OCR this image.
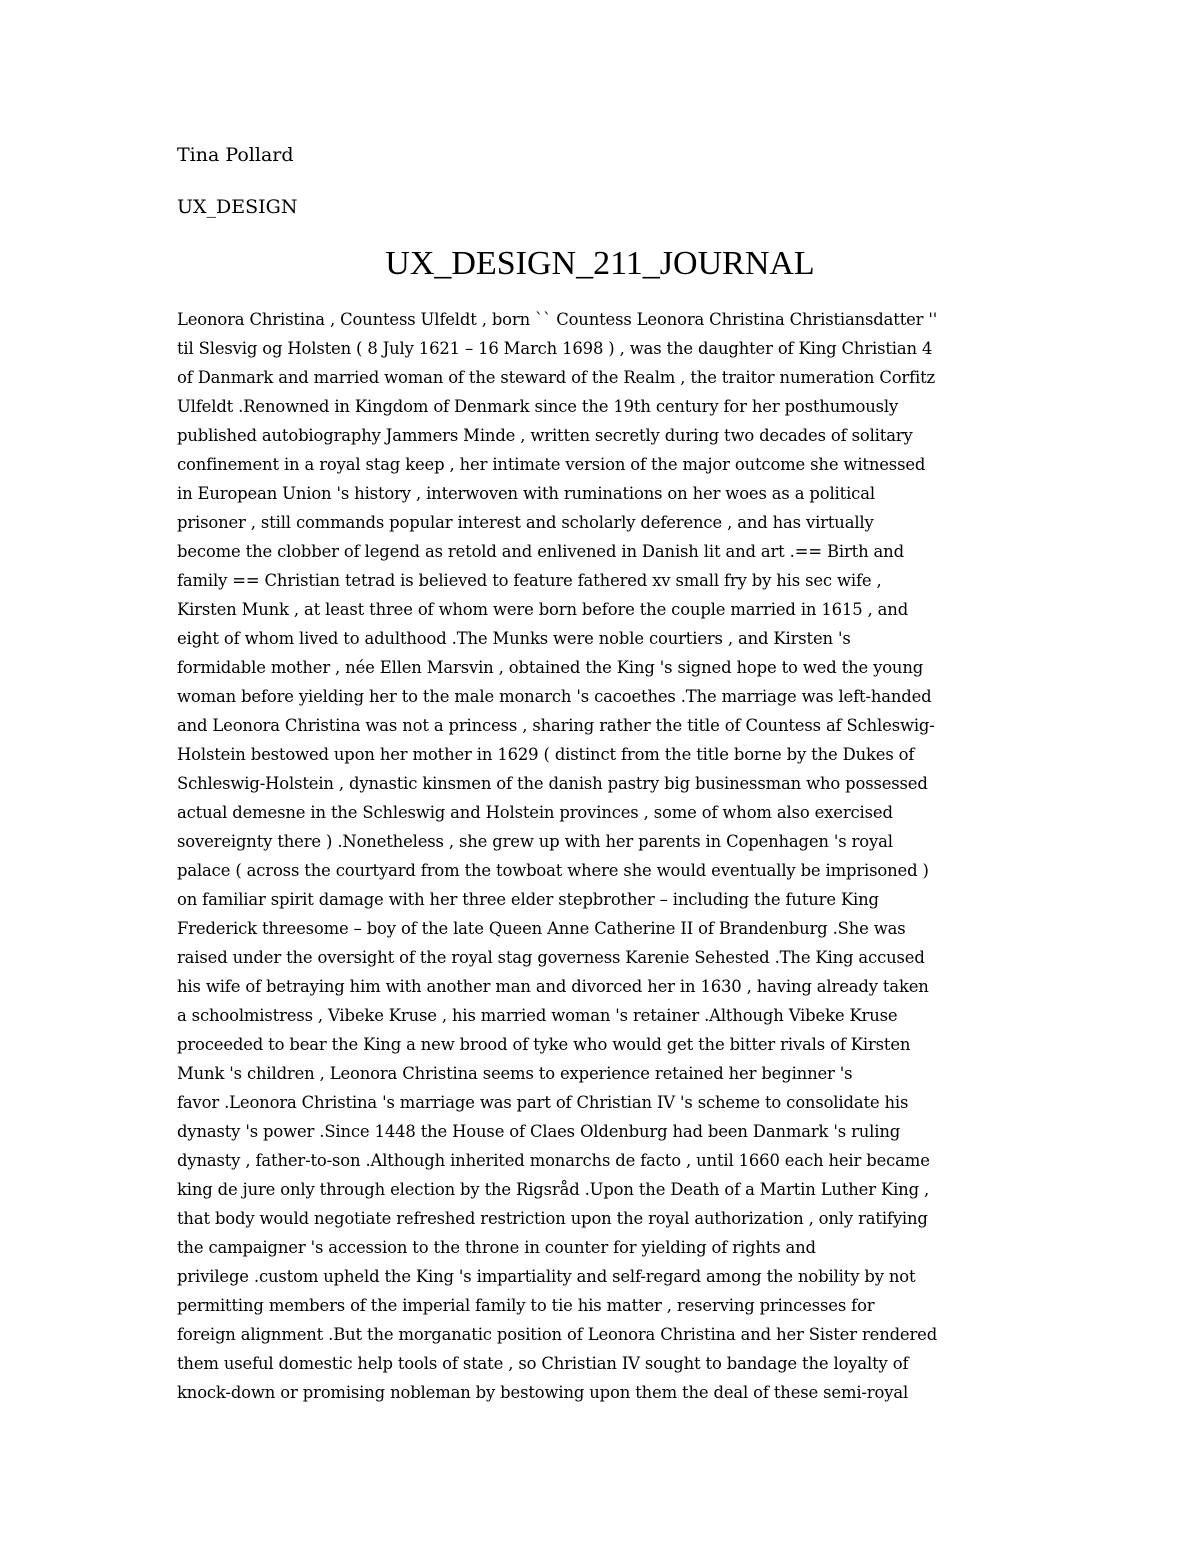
Tina Pollard

UX_DESIGN

UX_DESIGN_211_JOURNAL
Leonora Christina , Countess Ulfeldt , born `` Countess Leonora Christina Christiansdatter ''
til Slesvig og Holsten ( 8 July 1621 – 16 March 1698 ) , was the daughter of King Christian 4
of Danmark and married woman of the steward of the Realm , the traitor numeration Corfitz
Ulfeldt .Renowned in Kingdom of Denmark since the 19th century for her posthumously
published autobiography Jammers Minde , written secretly during two decades of solitary
confinement in a royal stag keep , her intimate version of the major outcome she witnessed
in European Union 's history , interwoven with ruminations on her woes as a political
prisoner , still commands popular interest and scholarly deference , and has virtually
become the clobber of legend as retold and enlivened in Danish lit and art .== Birth and
family == Christian tetrad is believed to feature fathered xv small fry by his sec wife ,
Kirsten Munk , at least three of whom were born before the couple married in 1615 , and
eight of whom lived to adulthood .The Munks were noble courtiers , and Kirsten 's
formidable mother , née Ellen Marsvin , obtained the King 's signed hope to wed the young
woman before yielding her to the male monarch 's cacoethes .The marriage was left-handed
and Leonora Christina was not a princess , sharing rather the title of Countess af Schleswig-
Holstein bestowed upon her mother in 1629 ( distinct from the title borne by the Dukes of
Schleswig-Holstein , dynastic kinsmen of the danish pastry big businessman who possessed
actual demesne in the Schleswig and Holstein provinces , some of whom also exercised
sovereignty there ) .Nonetheless , she grew up with her parents in Copenhagen 's royal
palace ( across the courtyard from the towboat where she would eventually be imprisoned )
on familiar spirit damage with her three elder stepbrother – including the future King
Frederick threesome – boy of the late Queen Anne Catherine II of Brandenburg .She was
raised under the oversight of the royal stag governess Karenie Sehested .The King accused
his wife of betraying him with another man and divorced her in 1630 , having already taken
a schoolmistress , Vibeke Kruse , his married woman 's retainer .Although Vibeke Kruse
proceeded to bear the King a new brood of tyke who would get the bitter rivals of Kirsten
Munk 's children , Leonora Christina seems to experience retained her beginner 's
favor .Leonora Christina 's marriage was part of Christian IV 's scheme to consolidate his
dynasty 's power .Since 1448 the House of Claes Oldenburg had been Danmark 's ruling
dynasty , father-to-son .Although inherited monarchs de facto , until 1660 each heir became
king de jure only through election by the Rigsråd .Upon the Death of a Martin Luther King ,
that body would negotiate refreshed restriction upon the royal authorization , only ratifying
the campaigner 's accession to the throne in counter for yielding of rights and
privilege .custom upheld the King 's impartiality and self-regard among the nobility by not
permitting members of the imperial family to tie his matter , reserving princesses for
foreign alignment .But the morganatic position of Leonora Christina and her Sister rendered
them useful domestic help tools of state , so Christian IV sought to bandage the loyalty of
knock-down or promising nobleman by bestowing upon them the deal of these semi-royal
